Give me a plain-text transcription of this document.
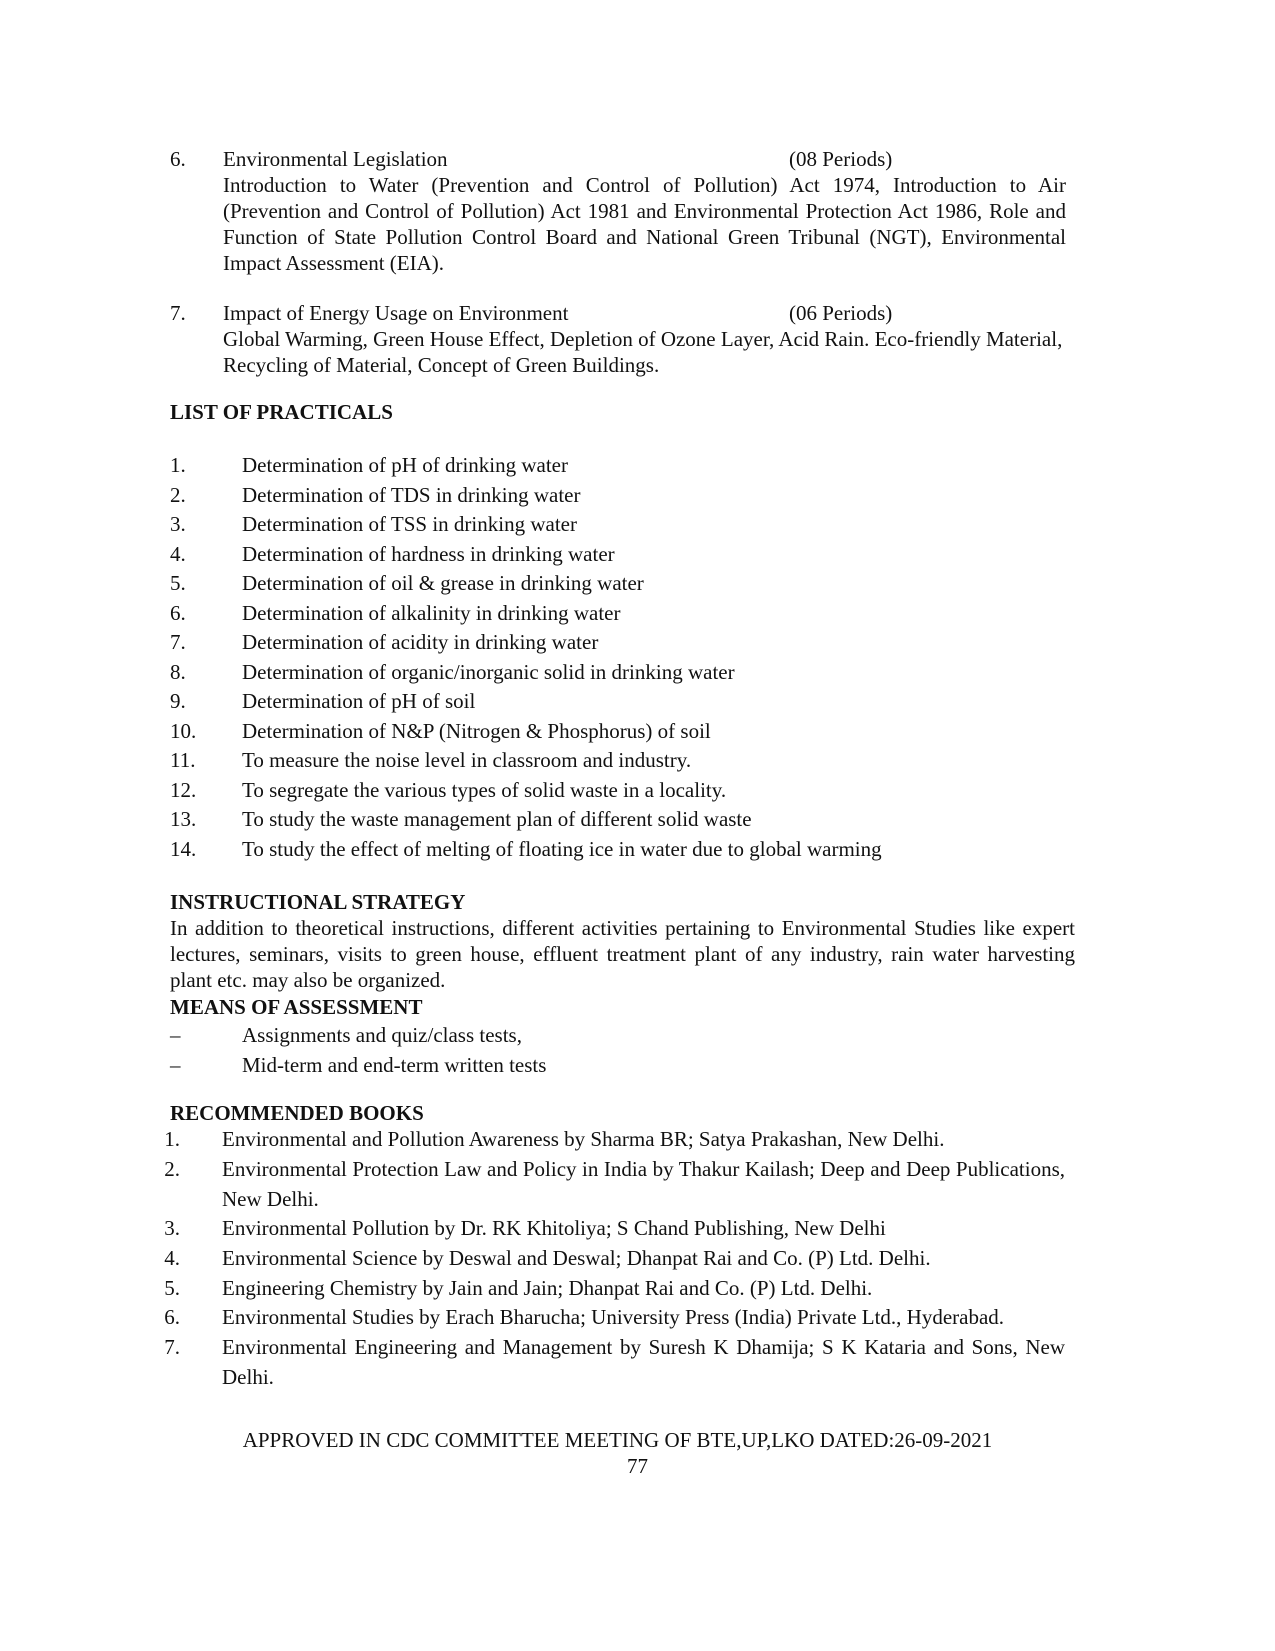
6. Environmental Legislation	(08 Periods)
Introduction to Water (Prevention and Control of Pollution) Act 1974, Introduction to Air (Prevention and Control of Pollution) Act 1981 and Environmental Protection Act 1986, Role and Function of State Pollution Control Board and National Green Tribunal (NGT), Environmental Impact Assessment (EIA).
7. Impact of Energy Usage on Environment	(06 Periods)
Global Warming, Green House Effect, Depletion of Ozone Layer, Acid Rain. Eco-friendly Material, Recycling of Material, Concept of Green Buildings.
LIST OF PRACTICALS
1.	Determination of pH of drinking water
2.	Determination of TDS in drinking water
3.	Determination of TSS in drinking water
4.	Determination of hardness in drinking water
5.	Determination of oil & grease in drinking water
6.	Determination of alkalinity in drinking water
7.	Determination of acidity in drinking water
8.	Determination of organic/inorganic solid in drinking water
9.	Determination of pH of soil
10. Determination of N&P (Nitrogen & Phosphorus) of soil
11. To measure the noise level in classroom and industry.
12. To segregate the various types of solid waste in a locality.
13. To study the waste management plan of different solid waste
14. To study the effect of melting of floating ice in water due to global warming
INSTRUCTIONAL STRATEGY
In addition to theoretical instructions, different activities pertaining to Environmental Studies like expert lectures, seminars, visits to green house, effluent treatment plant of any industry, rain water harvesting plant etc. may also be organized.
MEANS OF ASSESSMENT
–	Assignments and quiz/class tests,
–	Mid-term and end-term written tests
RECOMMENDED BOOKS
1. Environmental and Pollution Awareness by Sharma BR; Satya Prakashan, New Delhi.
2. Environmental Protection Law and Policy in India by Thakur Kailash; Deep and Deep Publications, New Delhi.
3. Environmental Pollution by Dr. RK Khitoliya; S Chand Publishing, New Delhi
4. Environmental Science by Deswal and Deswal; Dhanpat Rai and Co. (P) Ltd. Delhi.
5. Engineering Chemistry by Jain and Jain; Dhanpat Rai and Co. (P) Ltd. Delhi.
6. Environmental Studies by Erach Bharucha; University Press (India) Private Ltd., Hyderabad.
7. Environmental Engineering and Management by Suresh K Dhamija; S K Kataria and Sons, New Delhi.
APPROVED IN CDC COMMITTEE MEETING OF BTE,UP,LKO DATED:26-09-2021
77
